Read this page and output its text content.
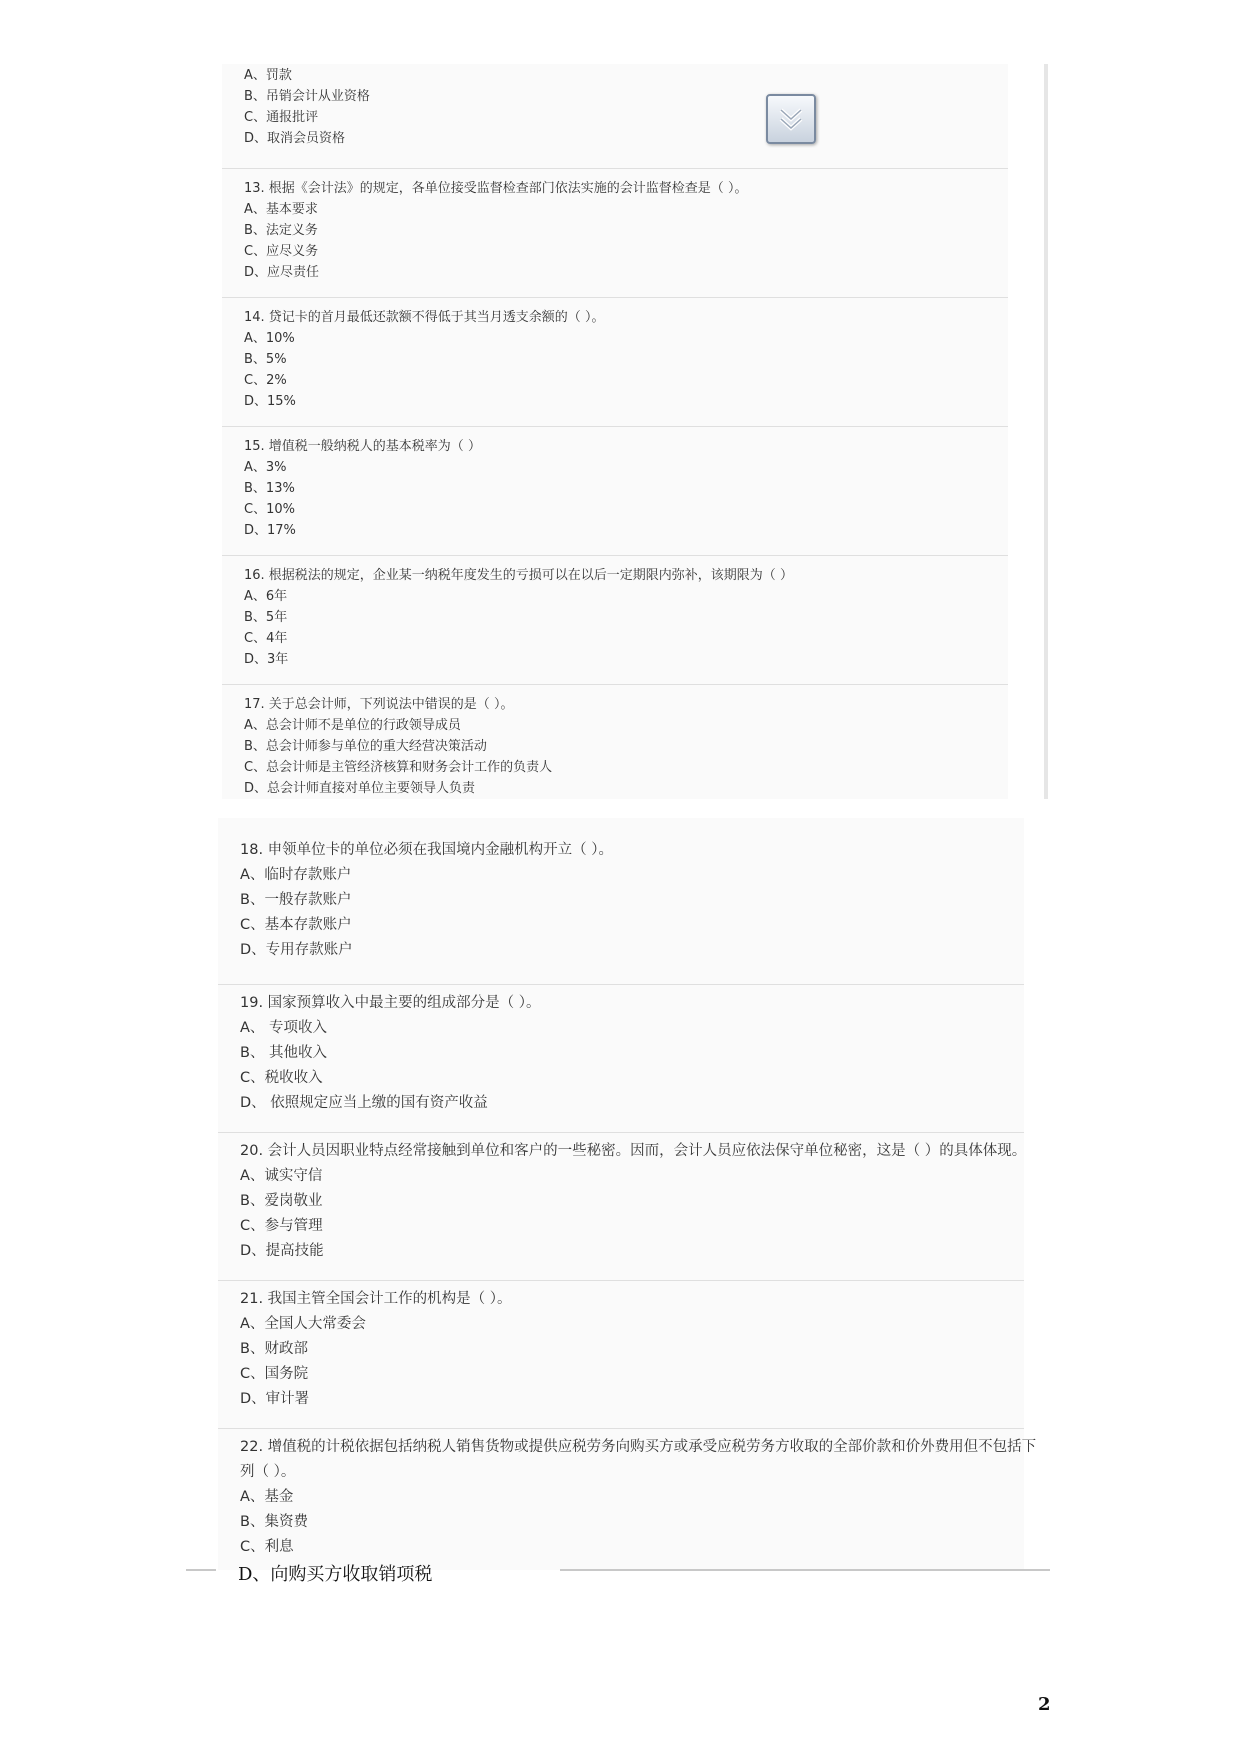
A、罚款
B、吊销会计从业资格
C、通报批评
D、取消会员资格
13. 根据《会计法》的规定，各单位接受监督检查部门依法实施的会计监督检查是（ ）。
A、基本要求
B、法定义务
C、应尽义务
D、应尽责任
14. 贷记卡的首月最低还款额不得低于其当月透支余额的（ ）。
A、10%
B、5%
C、2%
D、15%
15. 增值税一般纳税人的基本税率为（ ）
A、3%
B、13%
C、10%
D、17%
16. 根据税法的规定，企业某一纳税年度发生的亏损可以在以后一定期限内弥补，该期限为（ ）
A、6年
B、5年
C、4年
D、3年
17. 关于总会计师，下列说法中错误的是（ ）。
A、总会计师不是单位的行政领导成员
B、总会计师参与单位的重大经营决策活动
C、总会计师是主管经济核算和财务会计工作的负责人
D、总会计师直接对单位主要领导人负责
18. 申领单位卡的单位必须在我国境内金融机构开立（ ）。
A、临时存款账户
B、一般存款账户
C、基本存款账户
D、专用存款账户
19. 国家预算收入中最主要的组成部分是（ ）。
A、 专项收入
B、 其他收入
C、税收收入
D、 依照规定应当上缴的国有资产收益
20. 会计人员因职业特点经常接触到单位和客户的一些秘密。因而，会计人员应依法保守单位秘密，这是（ ）的具体体现。
A、诚实守信
B、爱岗敬业
C、参与管理
D、提高技能
21. 我国主管全国会计工作的机构是（ ）。
A、全国人大常委会
B、财政部
C、国务院
D、审计署
22. 增值税的计税依据包括纳税人销售货物或提供应税劳务向购买方或承受应税劳务方收取的全部价款和价外费用但不包括下
列（ ）。
A、基金
B、集资费
C、利息
D、向购买方收取销项税
2
